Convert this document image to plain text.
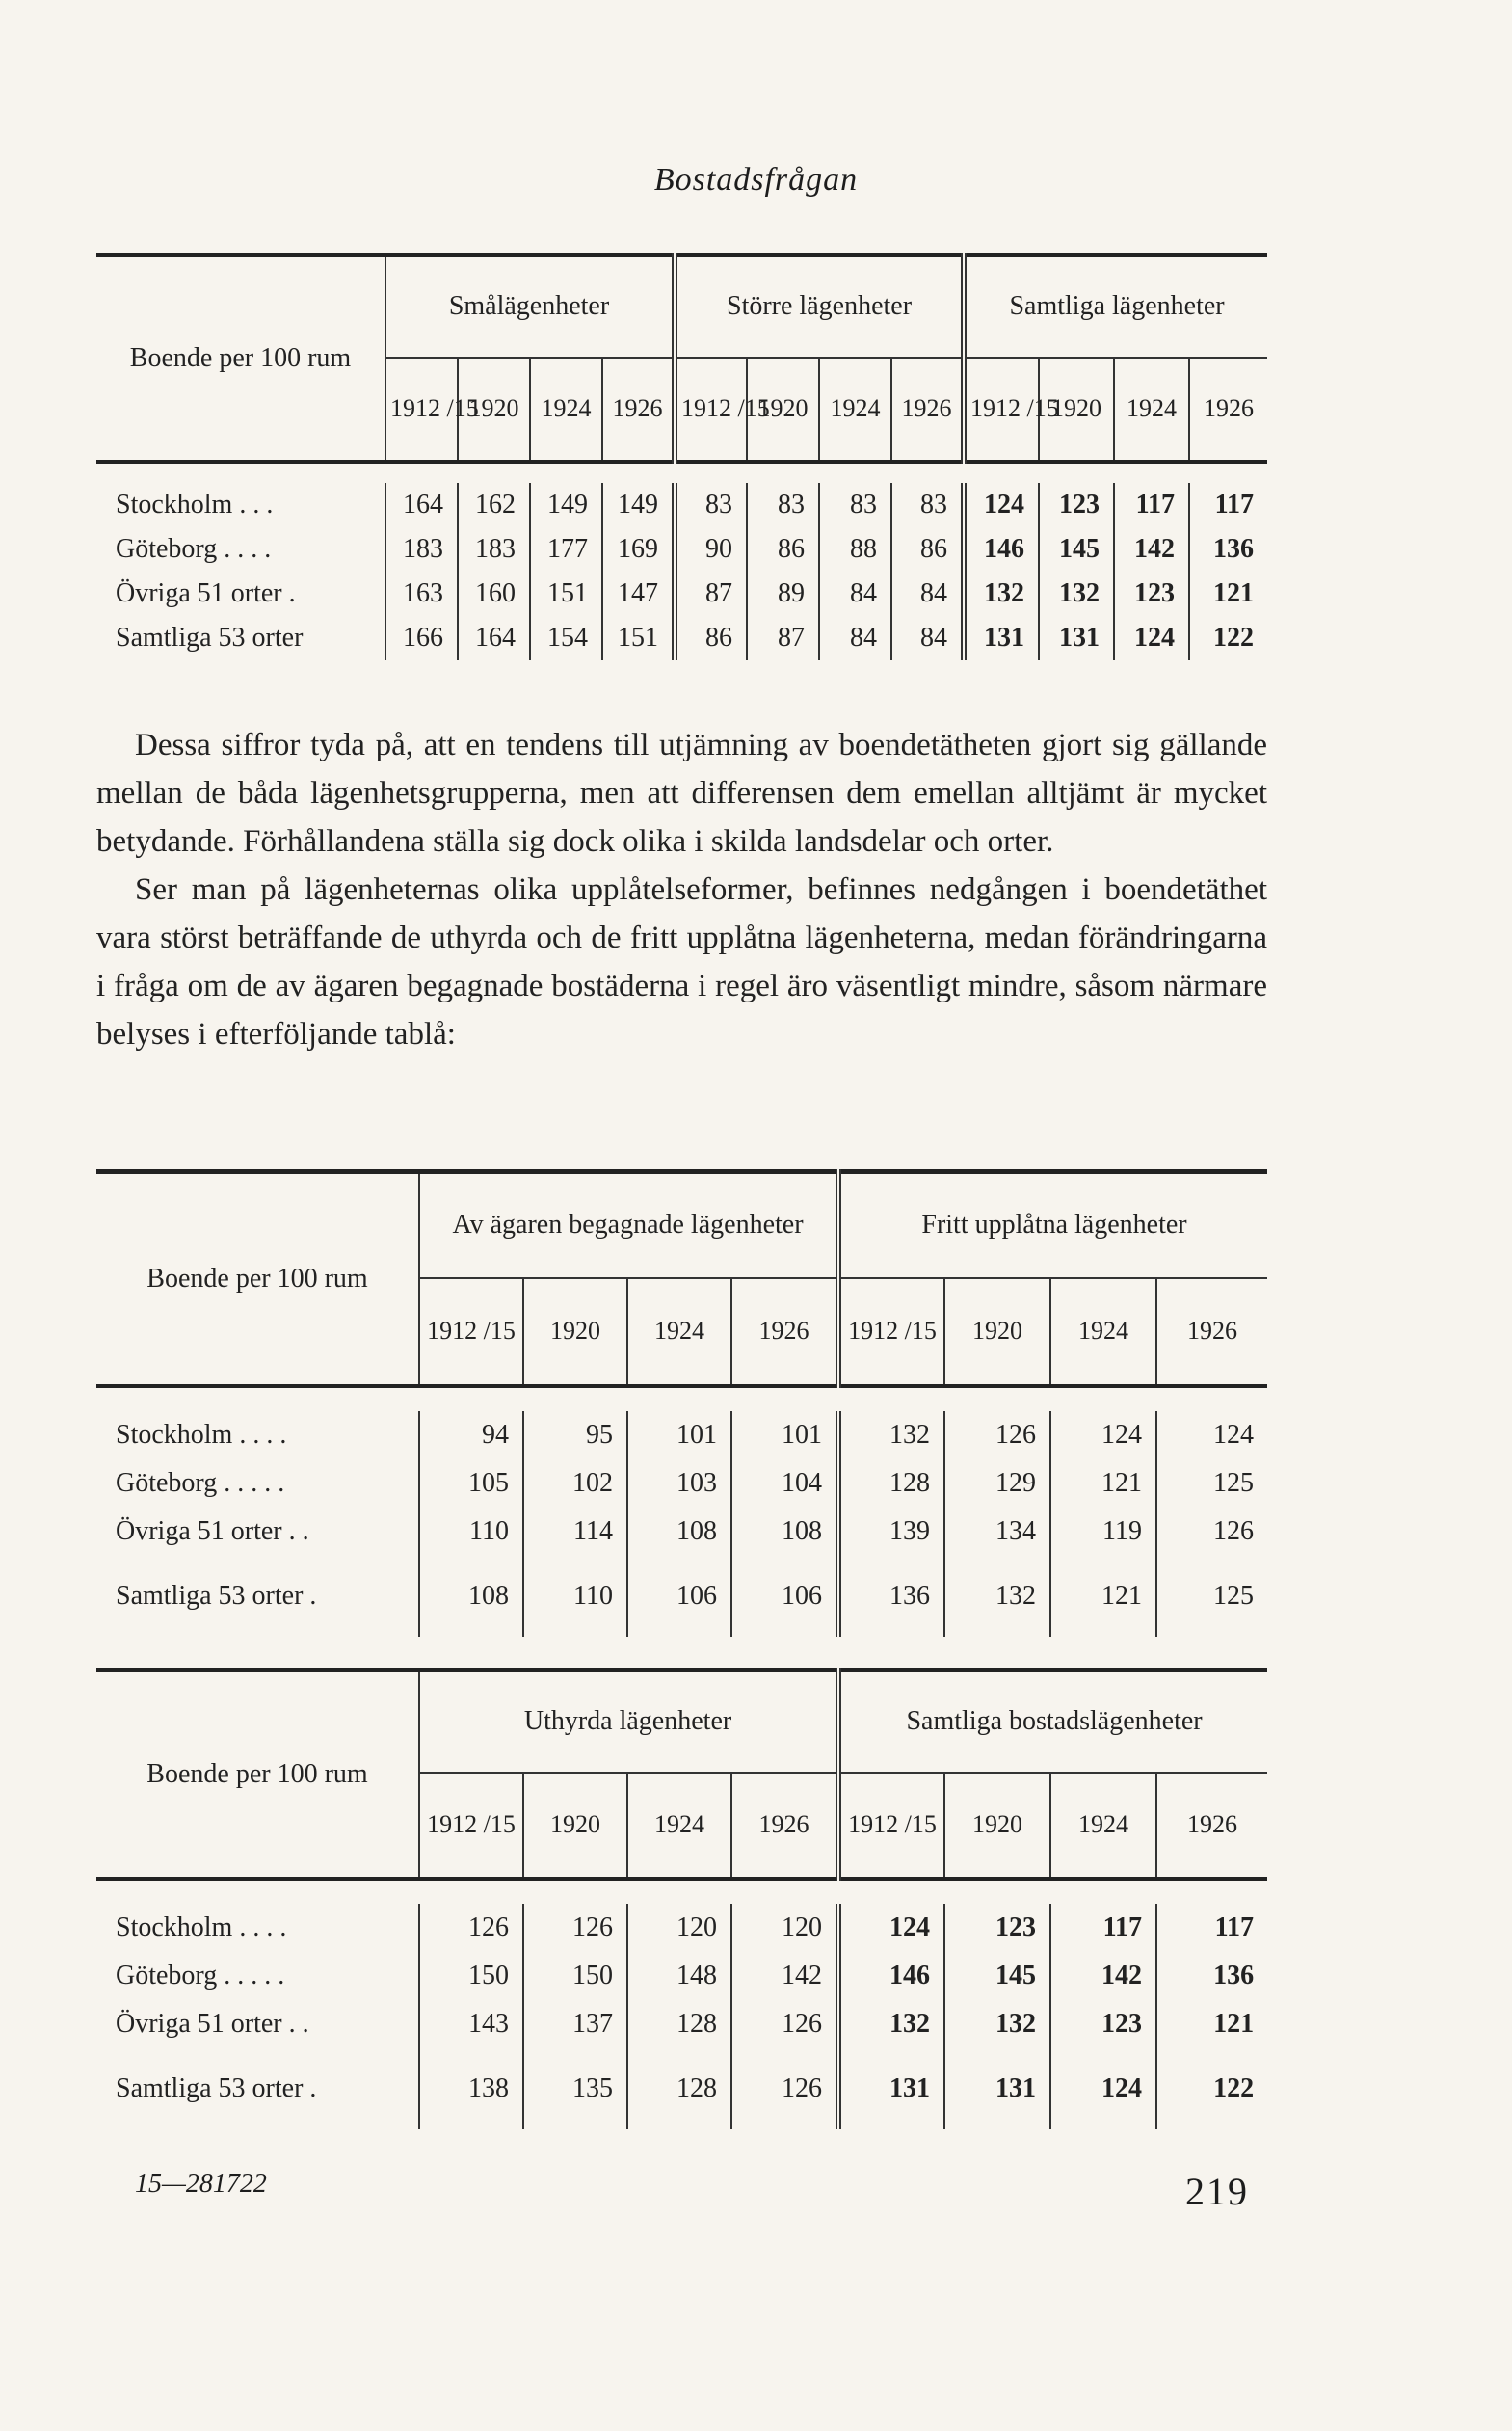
Bostadsfrågan
Boende per 100 rum	Smålägenheter				Större lägenheter				Samtliga lägenheter			
	1912 /15	1920	1924	1926	1912 /15	1920	1924	1926	1912 /15	1920	1924	1926

Stockholm . . .	164	162	149	149	83	83	83	83	124	123	117	117
Göteborg . . . .	183	183	177	169	90	86	88	86	146	145	142	136
Övriga 51 orter .	163	160	151	147	87	89	84	84	132	132	123	121
Samtliga 53 orter	166	164	154	151	86	87	84	84	131	131	124	122

Dessa siffror tyda på, att en tendens till utjämning av boendetätheten gjort sig gällande mellan de båda lägenhetsgrupperna, men att differensen dem emellan alltjämt är mycket betydande. Förhållandena ställa sig dock olika i skilda landsdelar och orter.

Ser man på lägenheternas olika upplåtelseformer, befinnes nedgången i boendetäthet vara störst beträffande de uthyrda och de fritt upplåtna lägenheterna, medan förändringarna i fråga om de av ägaren begagnade bostäderna i regel äro väsentligt mindre, såsom närmare belyses i efterföljande tablå:

Boende per 100 rum	Av ägaren begagnade lägenheter				Fritt upplåtna lägenheter			
	1912 /15	1920	1924	1926	1912 /15	1920	1924	1926

Stockholm . . . .	94	95	101	101	132	126	124	124
Göteborg . . . . .	105	102	103	104	128	129	121	125
Övriga 51 orter . .	110	114	108	108	139	134	119	126
Samtliga 53 orter .	108	110	106	106	136	132	121	125
Boende per 100 rum	Uthyrda lägenheter				Samtliga bostadslägenheter			
	1912 /15	1920	1924	1926	1912 /15	1920	1924	1926

Stockholm . . . .	126	126	120	120	124	123	117	117
Göteborg . . . . .	150	150	148	142	146	145	142	136
Övriga 51 orter . .	143	137	128	126	132	132	123	121
Samtliga 53 orter .	138	135	128	126	131	131	124	122
15—281722	219
